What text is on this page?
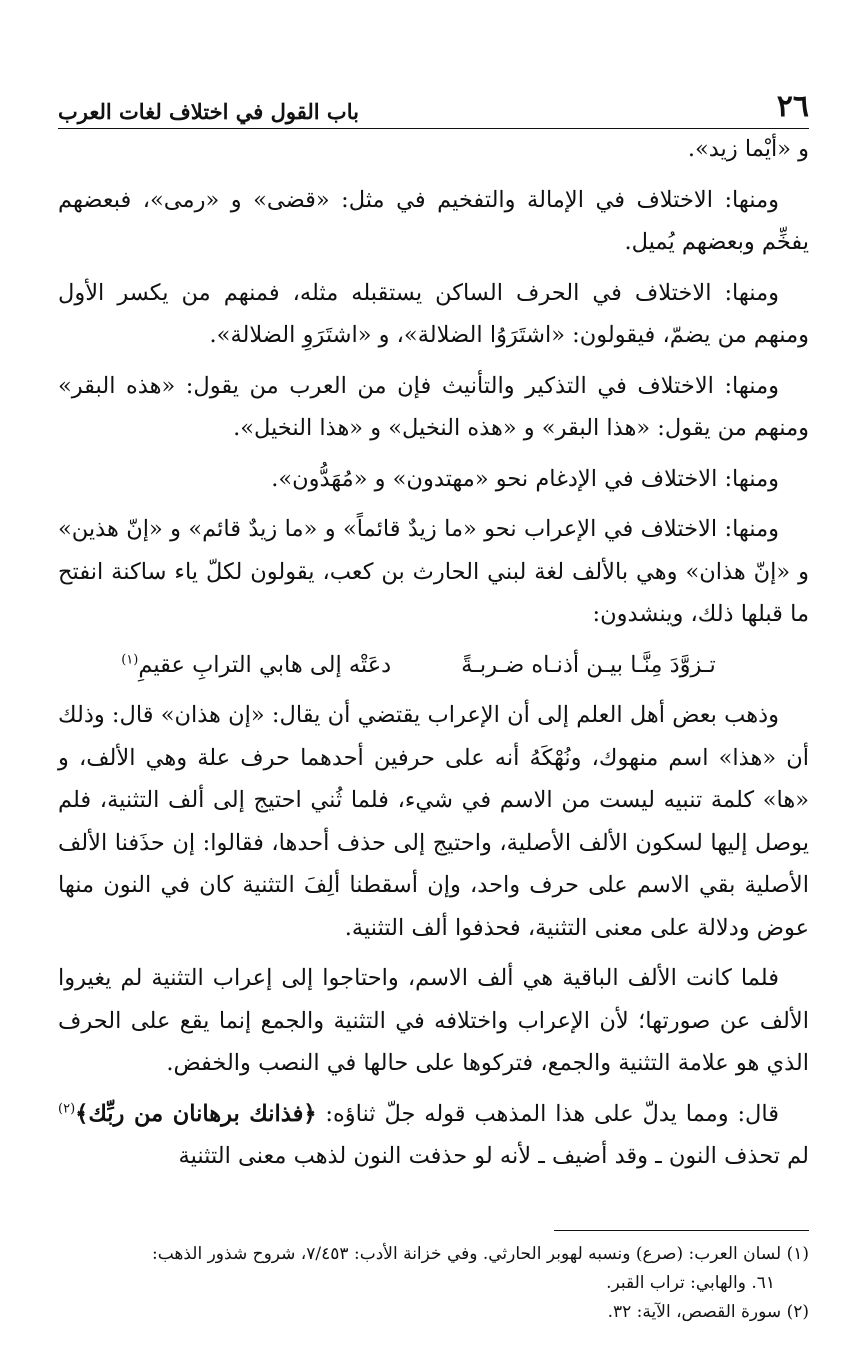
٢٦
باب القول في اختلاف لغات العرب

و «أيْما زيد».

ومنها: الاختلاف في الإمالة والتفخيم في مثل: «قضى» و «رمى»، فبعضهم يفخِّم وبعضهم يُميل.

ومنها: الاختلاف في الحرف الساكن يستقبله مثله، فمنهم من يكسر الأول ومنهم من يضمّ، فيقولون: «اشتَرَوُا الضلالة»، و «اشتَرَوِ الضلالة».

ومنها: الاختلاف في التذكير والتأنيث فإن من العرب من يقول: «هذه البقر» ومنهم من يقول: «هذا البقر» و «هذه النخيل» و «هذا النخيل».

ومنها: الاختلاف في الإدغام نحو «مهتدون» و «مُهَدُّون».

ومنها: الاختلاف في الإعراب نحو «ما زيدٌ قائماً» و «ما زيدٌ قائم» و «إنّ هذين» و «إنّ هذان» وهي بالألف لغة لبني الحارث بن كعب، يقولون لكلّ ياء ساكنة انفتح ما قبلها ذلك، وينشدون:

تـزوَّدَ مِنَّـا بيـن أذنـاه ضـربـةً
دعَتْه إلى هابي الترابِ عقيمِ$^{(١)}$

وذهب بعض أهل العلم إلى أن الإعراب يقتضي أن يقال: «إن هذان» قال: وذلك أن «هذا» اسم منهوك، ونُهْكَهُ أنه على حرفين أحدهما حرف علة وهي الألف، و «ها» كلمة تنبيه ليست من الاسم في شيء، فلما ثُني احتيج إلى ألف التثنية، فلم يوصل إليها لسكون الألف الأصلية، واحتيج إلى حذف أحدها، فقالوا: إن حذَفنا الألف الأصلية بقي الاسم على حرف واحد، وإن أسقطنا ألِفَ التثنية كان في النون منها عوض ودلالة على معنى التثنية، فحذفوا ألف التثنية.

فلما كانت الألف الباقية هي ألف الاسم، واحتاجوا إلى إعراب التثنية لم يغيروا الألف عن صورتها؛ لأن الإعراب واختلافه في التثنية والجمع إنما يقع على الحرف الذي هو علامة التثنية والجمع، فتركوها على حالها في النصب والخفض.

قال: ومما يدلّ على هذا المذهب قوله جلّ ثناؤه: ﴿فذانك برهانان من ربِّك﴾$^{(٢)}$ لم تحذف النون ـ وقد أضيف ـ لأنه لو حذفت النون لذهب معنى التثنية

(١) لسان العرب: (صرع) ونسبه لهوبر الحارثي. وفي خزانة الأدب: ٧/٤٥٣، شروح شذور الذهب:

٦١. والهابي: تراب القبر.

(٢) سورة القصص، الآية: ٣٢.
